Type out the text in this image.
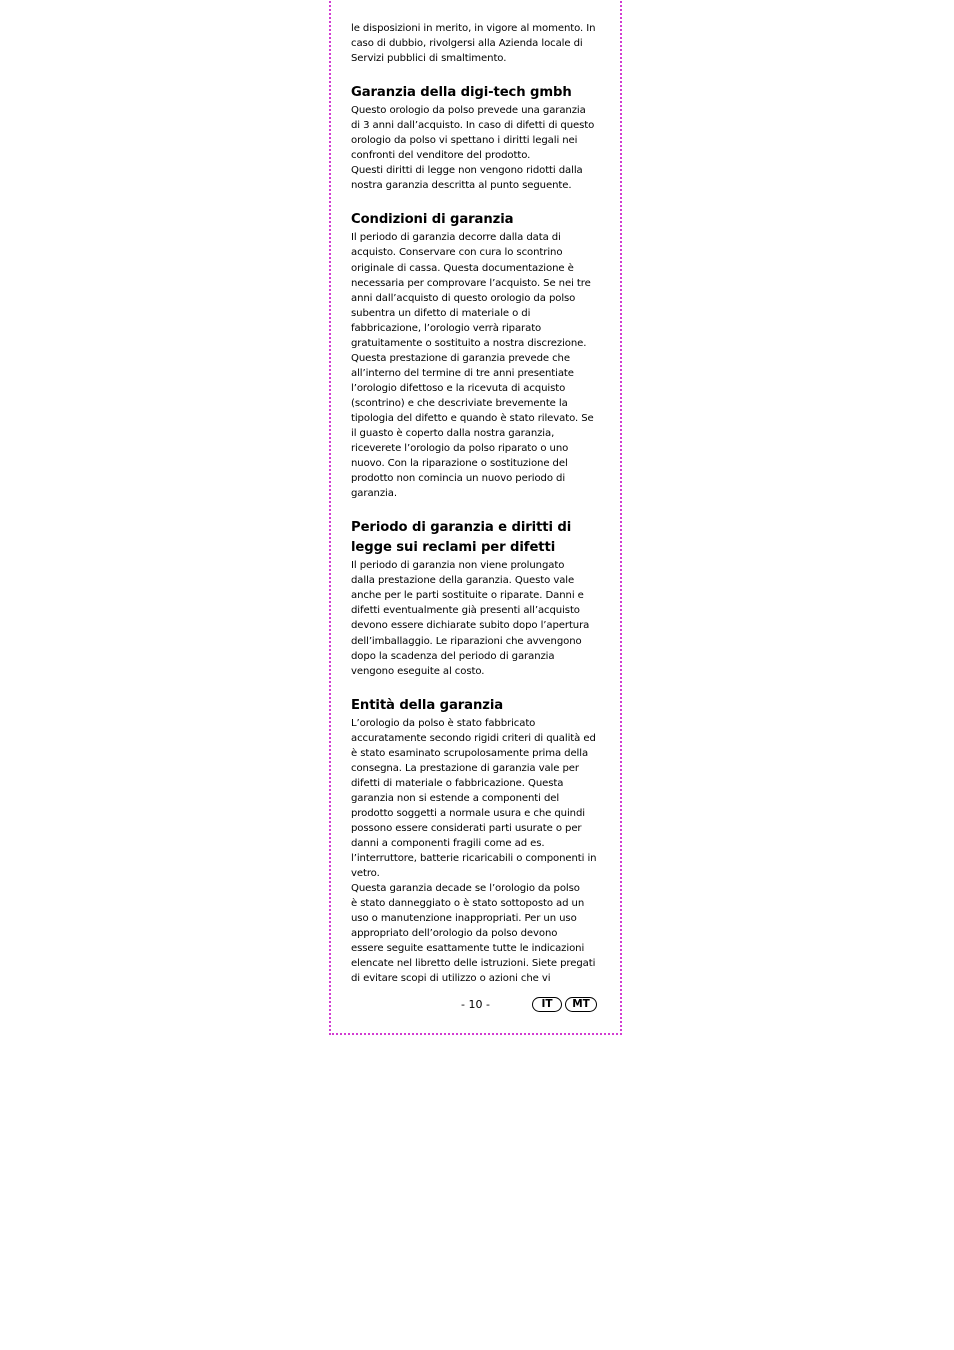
le disposizioni in merito, in vigore al momento. In
caso di dubbio, rivolgersi alla Azienda locale di
Servizi pubblici di smaltimento.

Garanzia della digi-tech gmbh

Questo orologio da polso prevede una garanzia
di 3 anni dall’acquisto. In caso di difetti di questo
orologio da polso vi spettano i diritti legali nei
confronti del venditore del prodotto.
Questi diritti di legge non vengono ridotti dalla
nostra garanzia descritta al punto seguente.

Condizioni di garanzia

Il periodo di garanzia decorre dalla data di
acquisto. Conservare con cura lo scontrino
originale di cassa. Questa documentazione è
necessaria per comprovare l’acquisto. Se nei tre
anni dall’acquisto di questo orologio da polso
subentra un difetto di materiale o di
fabbricazione, l’orologio verrà riparato
gratuitamente o sostituito a nostra discrezione.
Questa prestazione di garanzia prevede che
all’interno del termine di tre anni presentiate
l’orologio difettoso e la ricevuta di acquisto
(scontrino) e che descriviate brevemente la
tipologia del difetto e quando è stato rilevato. Se
il guasto è coperto dalla nostra garanzia,
riceverete l’orologio da polso riparato o uno
nuovo. Con la riparazione o sostituzione del
prodotto non comincia un nuovo periodo di
garanzia.

Periodo di garanzia e diritti di
legge sui reclami per difetti

Il periodo di garanzia non viene prolungato
dalla prestazione della garanzia. Questo vale
anche per le parti sostituite o riparate. Danni e
difetti eventualmente già presenti all’acquisto
devono essere dichiarate subito dopo l’apertura
dell’imballaggio. Le riparazioni che avvengono
dopo la scadenza del periodo di garanzia
vengono eseguite al costo.

Entità della garanzia

L’orologio da polso è stato fabbricato
accuratamente secondo rigidi criteri di qualità ed
è stato esaminato scrupolosamente prima della
consegna. La prestazione di garanzia vale per
difetti di materiale o fabbricazione. Questa
garanzia non si estende a componenti del
prodotto soggetti a normale usura e che quindi
possono essere considerati parti usurate o per
danni a componenti fragili come ad es.
l’interruttore, batterie ricaricabili o componenti in
vetro.
Questa garanzia decade se l’orologio da polso
è stato danneggiato o è stato sottoposto ad un
uso o manutenzione inappropriati. Per un uso
appropriato dell’orologio da polso devono
essere seguite esattamente tutte le indicazioni
elencate nel libretto delle istruzioni. Siete pregati
di evitare scopi di utilizzo o azioni che vi

- 10 -	IT	MT
